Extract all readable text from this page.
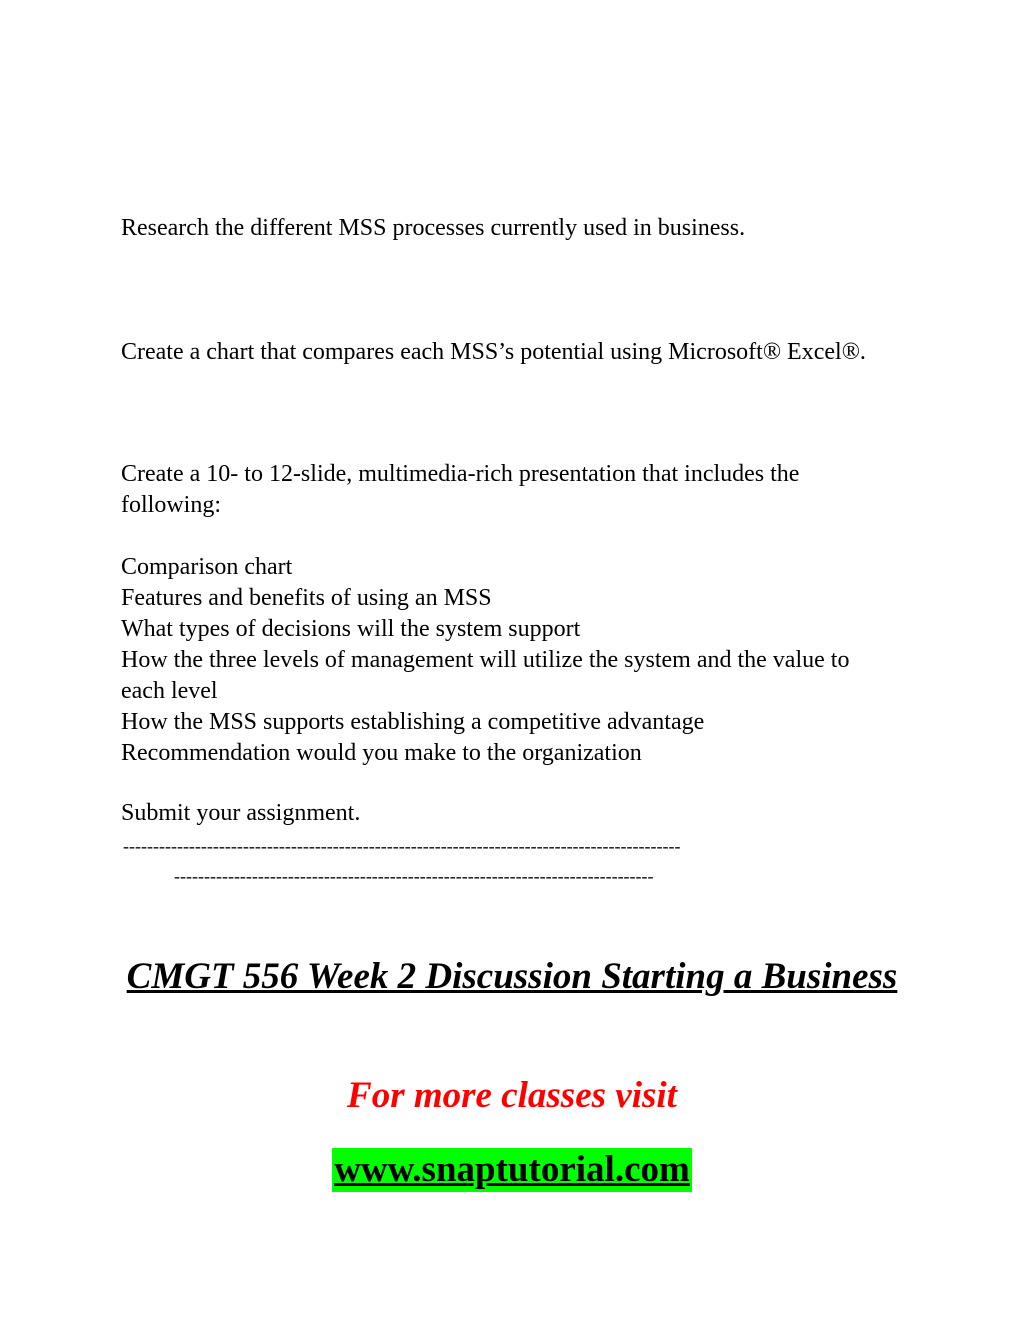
Research the different MSS processes currently used in business.

Create a chart that compares each MSS’s potential using Microsoft® Excel®.

Create a 10- to 12-slide, multimedia-rich presentation that includes the following:

Comparison chart
Features and benefits of using an MSS
What types of decisions will the system support
How the three levels of management will utilize the system and the value to each level
How the MSS supports establishing a competitive advantage
Recommendation would you make to the organization

Submit your assignment.

---------------------------------------------------------------------------------------------
--------------------------------------------------------------------------------
CMGT 556 Week 2 Discussion Starting a Business

For more classes visit

www.snaptutorial.com
